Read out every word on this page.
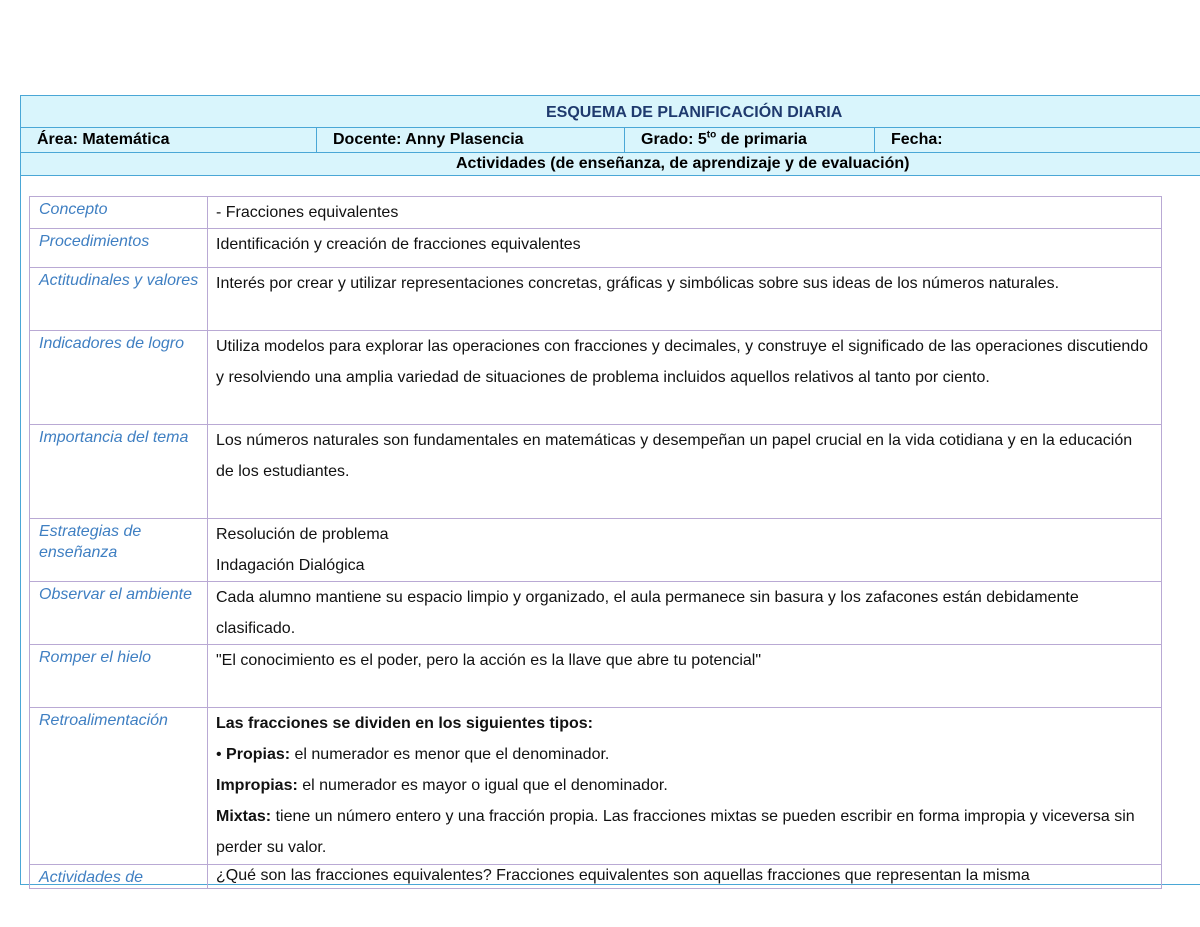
ESQUEMA DE PLANIFICACIÓN DIARIA
Área: Matemática	Docente: Anny Plasencia	Grado: $5^{to}$ de primaria	Fecha:
Actividades (de enseñanza, de aprendizaje y de evaluación)
Concepto	- Fracciones equivalentes
Procedimientos	Identificación y creación de fracciones equivalentes
Actitudinales y valores	Interés por crear y utilizar representaciones concretas, gráficas y simbólicas sobre sus ideas de los números naturales.
Indicadores de logro	Utiliza modelos para explorar las operaciones con fracciones y decimales, y construye el significado de las operaciones discutiendo y resolviendo una amplia variedad de situaciones de problema incluidos aquellos relativos al tanto por ciento.
Importancia del tema	Los números naturales son fundamentales en matemáticas y desempeñan un papel crucial en la vida cotidiana y en la educación de los estudiantes.
Estrategias de enseñanza	Resolución de problema

Indagación Dialógica

Observar el ambiente	Cada alumno mantiene su espacio limpio y organizado, el aula permanece sin basura y los zafacones están debidamente clasificado.
Romper el hielo	"El conocimiento es el poder, pero la acción es la llave que abre tu potencial"
Retroalimentación	Las fracciones se dividen en los siguientes tipos:

• Propias: el numerador es menor que el denominador.

Impropias: el numerador es mayor o igual que el denominador.

Mixtas: tiene un número entero y una fracción propia. Las fracciones mixtas se pueden escribir en forma impropia y viceversa sin perder su valor.

Actividades de	¿Qué son las fracciones equivalentes? Fracciones equivalentes son aquellas fracciones que representan la misma
